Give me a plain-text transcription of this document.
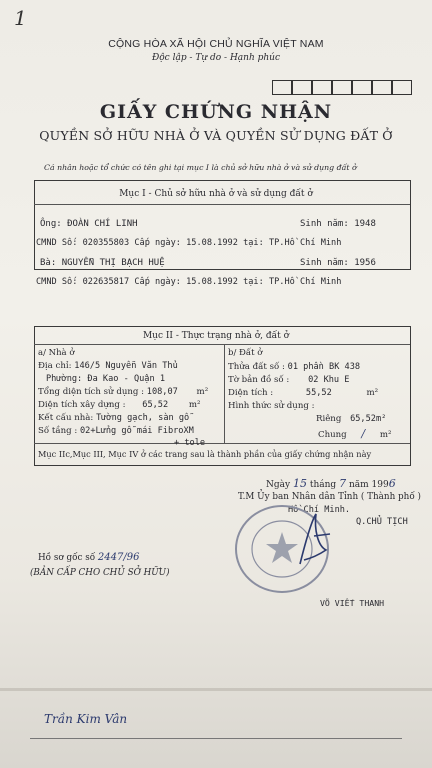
1
CỘNG HÒA XÃ HỘI CHỦ NGHĨA VIỆT NAM
Độc lập - Tự do - Hạnh phúc
GIẤY CHỨNG NHẬN
QUYỀN SỞ HỮU NHÀ Ở VÀ QUYỀN SỬ DỤNG ĐẤT Ở
Cá nhân hoặc tổ chức có tên ghi tại mục I là chủ sở hữu nhà ở và sử dụng đất ở
Mục I - Chủ sở hữu nhà ở và sử dụng đất ở
Ông: ĐOÀN CHÍ LINH	Sinh năm: 1948
CMND Số: 020355803 Cấp ngày: 15.08.1992 tại: TP.Hồ Chí Minh
Bà: NGUYỄN THỊ BẠCH HUỆ	Sinh năm: 1956
CMND Số: 022635817 Cấp ngày: 15.08.1992 tại: TP.Hồ Chí Minh
Mục II - Thực trạng nhà ở, đất ở
a/ Nhà ở
Địa chỉ: 146/5 Nguyễn Văn Thủ
Phường: Đa Kao - Quận 1
Tổng diện tích sử dụng : 108,07 m²
Diện tích xây dựng : 65,52 m²
Kết cấu nhà: Tường gạch, sàn gỗ
Số tầng : 02+Lửng gỗ mái FibroXM
+ tole
b/ Đất ở
Thửa đất số : 01 phần BK 438
Tờ bản đồ số : 02 Khu E
Diện tích :	55,52	m²
Hình thức sử dụng :
Riêng 65,52m²
Chung / m²
Mục IIc,Mục III, Mục IV ở các trang sau là thành phần của giấy chứng nhận này
Ngày 15 tháng 7 năm 1996
T.M Ủy ban Nhân dân Tỉnh ( Thành phố )
Hồ Chí Minh.
Q.CHỦ TỊCH
VÕ VIẾT THANH
Hồ sơ gốc số 2447/96
(BẢN CẤP CHO CHỦ SỞ HỮU)
Trần Kim Vân
